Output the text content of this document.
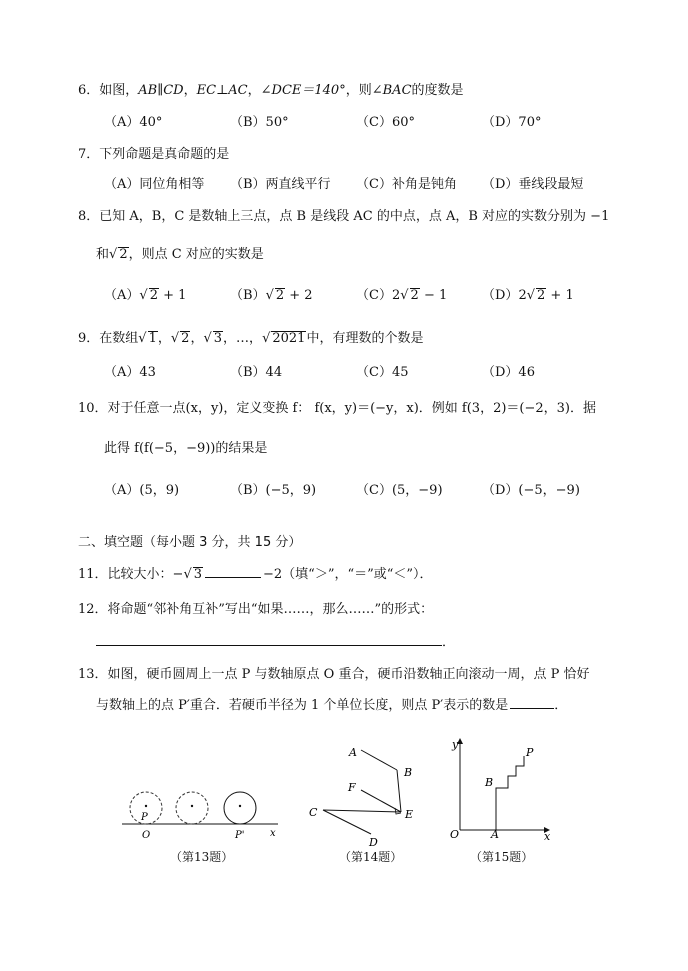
6．如图，AB∥CD，EC⊥AC，∠DCE＝140°，则∠BAC的度数是
（A）40°	（B）50°	（C）60°	（D）70°
7．下列命题是真命题的是
（A）同位角相等 （B）两直线平行 （C）补角是钝角 （D）垂线段最短
8．已知 A，B，C 是数轴上三点，点 B 是线段 AC 的中点，点 A，B 对应的实数分别为 −1
和 √ 2，则点 C 对应的实数是
（A） √ 2 + 1	（B） √ 2 + 2	（C）2 √ 2 − 1	（D）2 √ 2 + 1
9．在数组 √ 1， √ 2， √ 3，…， √ 2021中，有理数的个数是
（A）43	（B）44	（C）45	（D）46
10．对于任意一点(x，y)，定义变换 f： f(x，y)＝(−y，x)．例如 f(3，2)＝(−2，3)．据
此得 f(f(−5，−9))的结果是
（A）(5，9)	（B）(−5，9)	（C）(5，−9)	（D）(−5，−9)
二、填空题（每小题 3 分，共 15 分）
11．比较大小：− √ 3	−2（填“＞”，“＝”或“＜”）．
12．将命题“邻补角互补”写出“如果……，那么……”的形式：
．
13．如图，硬币圆周上一点 P 与数轴原点 O 重合，硬币沿数轴正向滚动一周，点 P 恰好
与数轴上的点 P′重合．若硬币半径为 1 个单位长度，则点 P′表示的数是	．
P
O	P'	x
（第13题）
A
B
F
C	E
D
（第14题）
y
P
B
O	A	x
（第15题）
